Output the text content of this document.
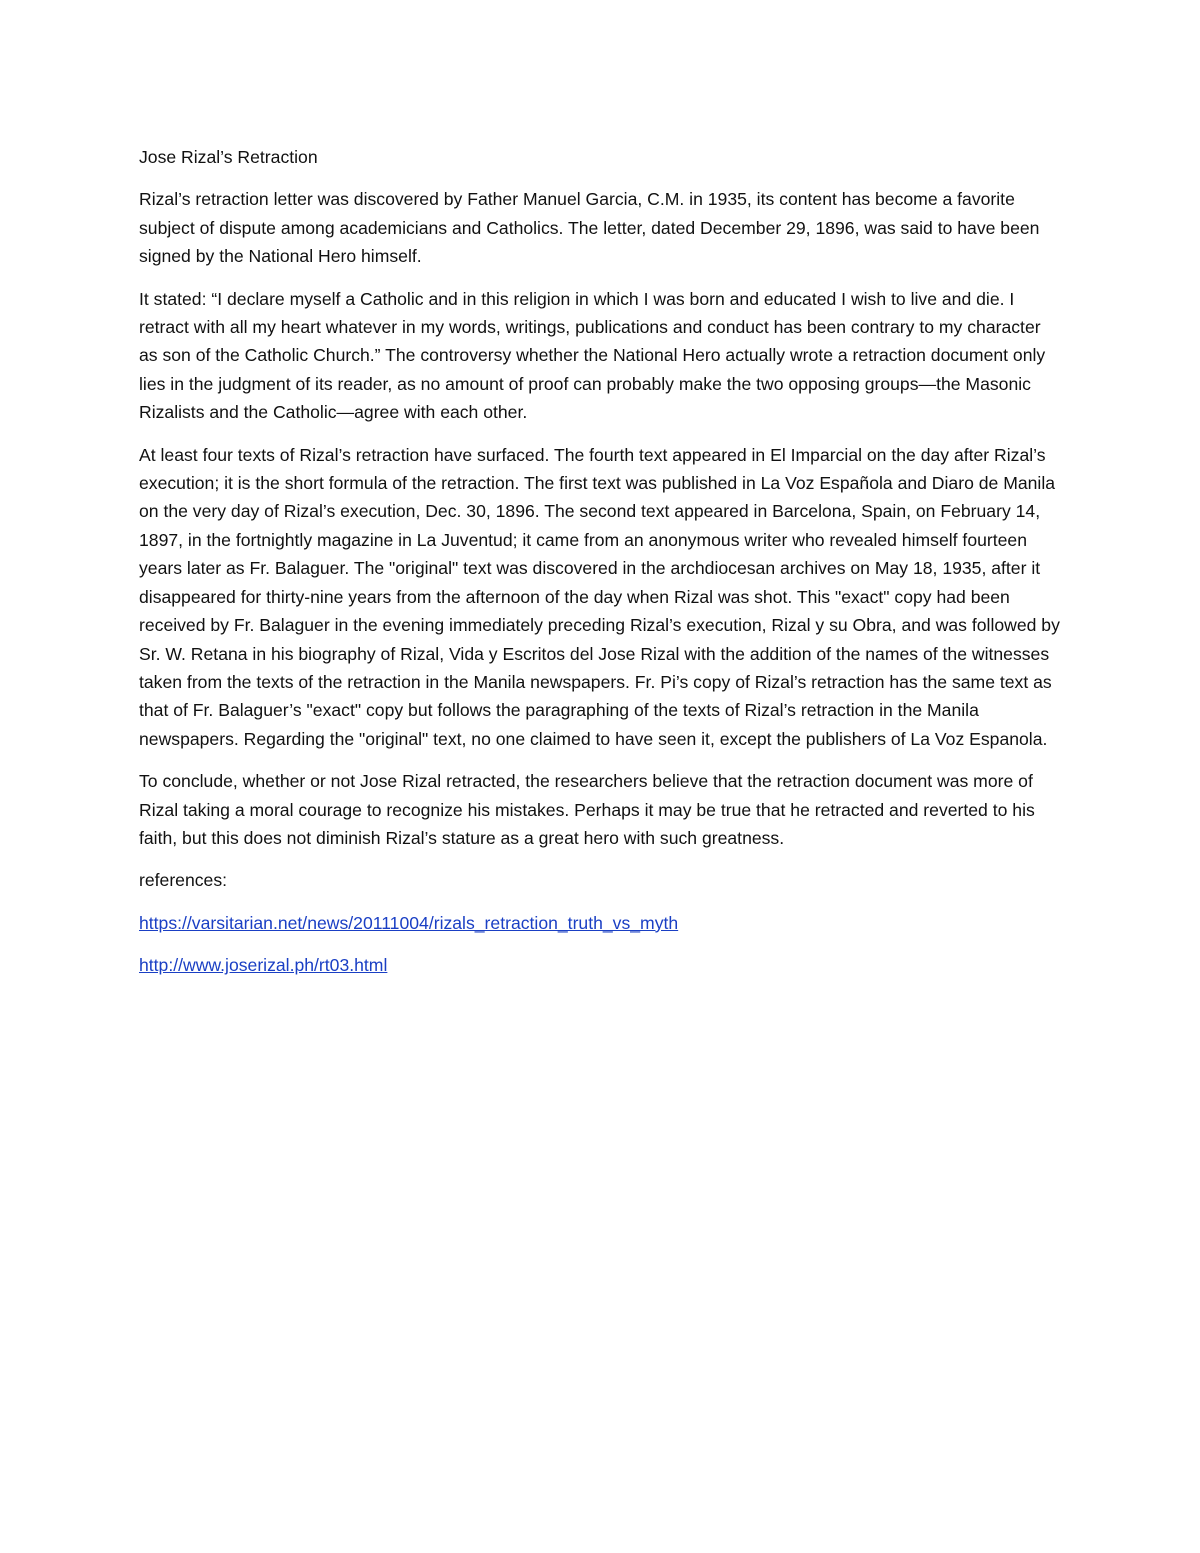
Jose Rizal’s Retraction

Rizal’s retraction letter was discovered by Father Manuel Garcia, C.M. in 1935, its content has become a favorite subject of dispute among academicians and Catholics. The letter, dated December 29, 1896, was said to have been signed by the National Hero himself.

It stated: “I declare myself a Catholic and in this religion in which I was born and educated I wish to live and die. I retract with all my heart whatever in my words, writings, publications and conduct has been contrary to my character as son of the Catholic Church.” The controversy whether the National Hero actually wrote a retraction document only lies in the judgment of its reader, as no amount of proof can probably make the two opposing groups—the Masonic Rizalists and the Catholic—agree with each other.

At least four texts of Rizal’s retraction have surfaced. The fourth text appeared in El Imparcial on the day after Rizal’s execution; it is the short formula of the retraction. The first text was published in La Voz Española and Diaro de Manila on the very day of Rizal’s execution, Dec. 30, 1896. The second text appeared in Barcelona, Spain, on February 14, 1897, in the fortnightly magazine in La Juventud; it came from an anonymous writer who revealed himself fourteen years later as Fr. Balaguer. The "original" text was discovered in the archdiocesan archives on May 18, 1935, after it disappeared for thirty-nine years from the afternoon of the day when Rizal was shot. This "exact" copy had been received by Fr. Balaguer in the evening immediately preceding Rizal’s execution, Rizal y su Obra, and was followed by Sr. W. Retana in his biography of Rizal, Vida y Escritos del Jose Rizal with the addition of the names of the witnesses taken from the texts of the retraction in the Manila newspapers. Fr. Pi’s copy of Rizal’s retraction has the same text as that of Fr. Balaguer’s "exact" copy but follows the paragraphing of the texts of Rizal’s retraction in the Manila newspapers. Regarding the "original" text, no one claimed to have seen it, except the publishers of La Voz Espanola.

To conclude, whether or not Jose Rizal retracted, the researchers believe that the retraction document was more of Rizal taking a moral courage to recognize his mistakes. Perhaps it may be true that he retracted and reverted to his faith, but this does not diminish Rizal’s stature as a great hero with such greatness.

references:

https://varsitarian.net/news/20111004/rizals_retraction_truth_vs_myth
http://www.joserizal.ph/rt03.html
